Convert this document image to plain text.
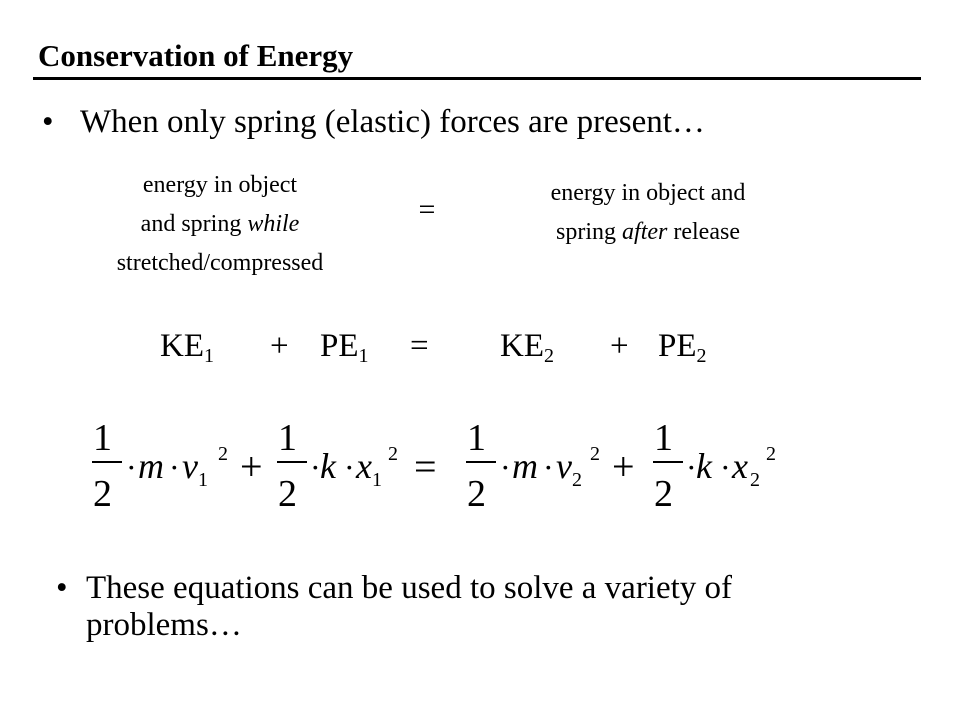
Conservation of Energy
• When only spring (elastic) forces are present…
energy in object
and spring while
stretched/compressed
=	energy in object and
spring after release
$KE_1 + PE_1 = KE_2 + PE_2$
1
2
· m · v 1
2 +
1
2
· k · x 1
2 =
1
2
· m · v 2
2 +
1
2
· k · x 2
2
• These equations can be used to solve a variety of
problems…
